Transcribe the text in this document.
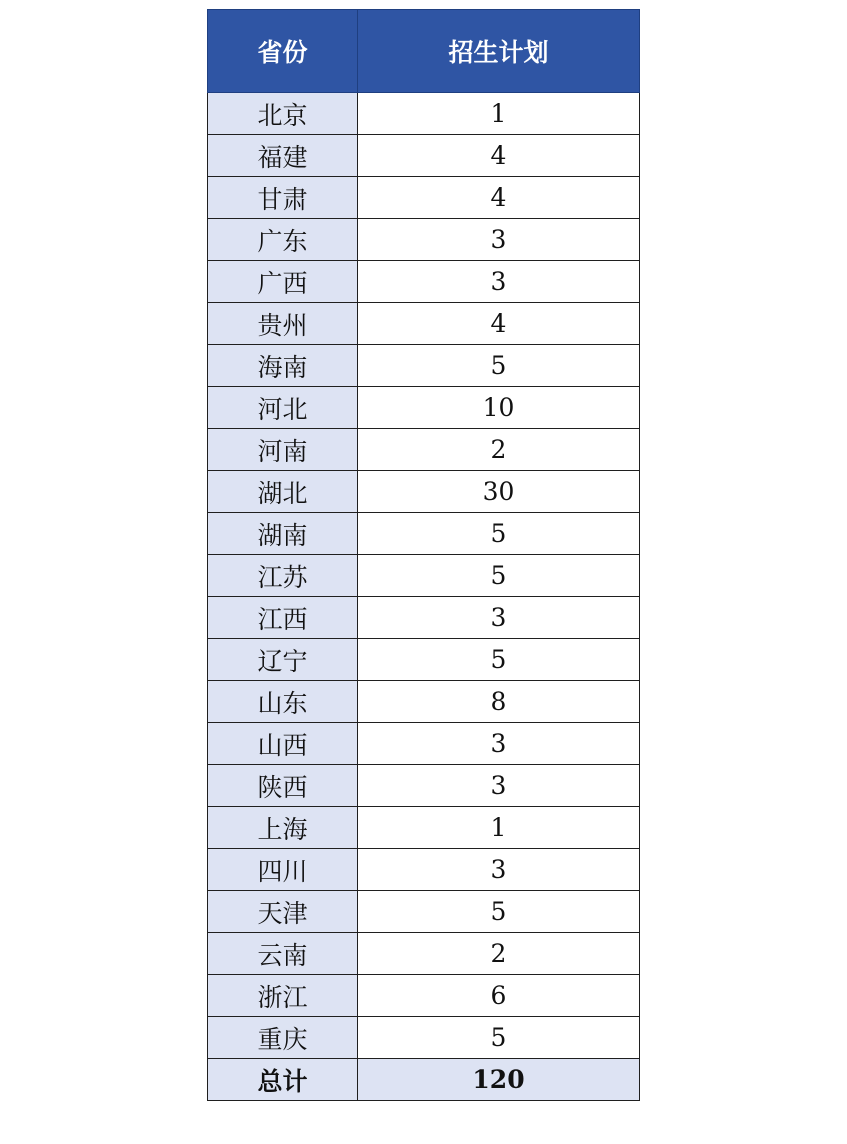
省份	招生计划
北京	1
福建	4
甘肃	4
广东	3
广西	3
贵州	4
海南	5
河北	10
河南	2
湖北	30
湖南	5
江苏	5
江西	3
辽宁	5
山东	8
山西	3
陕西	3
上海	1
四川	3
天津	5
云南	2
浙江	6
重庆	5
总计	120
